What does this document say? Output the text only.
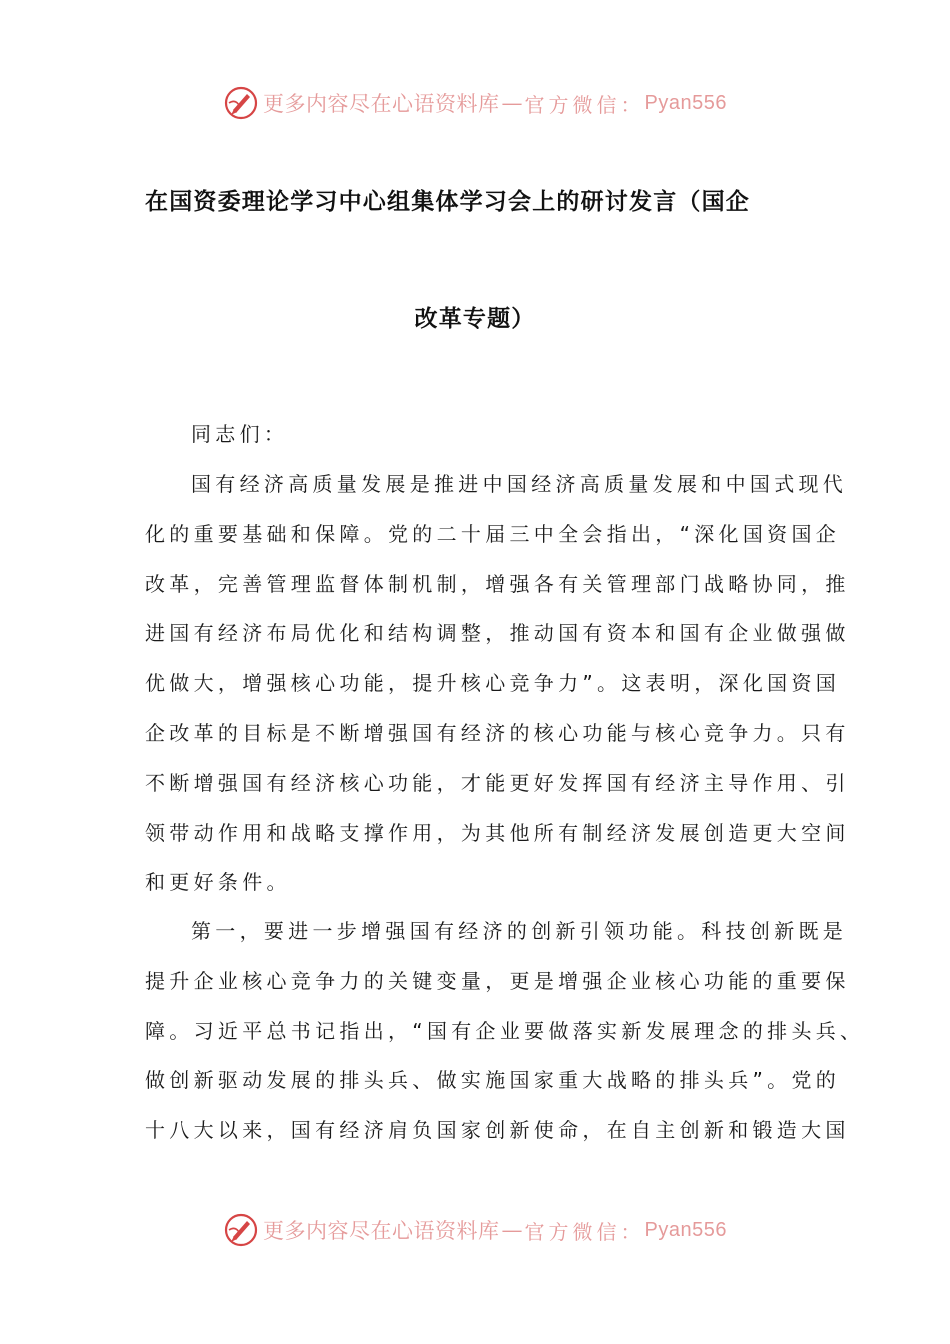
更多内容尽在心语资料库 — 官方微信： Pyan556
在国资委理论学习中心组集体学习会上的研讨发言（国企
改革专题）
同志们：
国有经济高质量发展是推进中国经济高质量发展和中国式现代
化的重要基础和保障。党的二十届三中全会指出，“深化国资国企
改革，完善管理监督体制机制，增强各有关管理部门战略协同，推
进国有经济布局优化和结构调整，推动国有资本和国有企业做强做
优做大，增强核心功能，提升核心竞争力”。这表明，深化国资国
企改革的目标是不断增强国有经济的核心功能与核心竞争力。只有
不断增强国有经济核心功能，才能更好发挥国有经济主导作用、引
领带动作用和战略支撑作用，为其他所有制经济发展创造更大空间
和更好条件。
第一，要进一步增强国有经济的创新引领功能。科技创新既是
提升企业核心竞争力的关键变量，更是增强企业核心功能的重要保
障。习近平总书记指出，“国有企业要做落实新发展理念的排头兵、
做创新驱动发展的排头兵、做实施国家重大战略的排头兵”。党的
十八大以来，国有经济肩负国家创新使命，在自主创新和锻造大国
更多内容尽在心语资料库 — 官方微信： Pyan556
